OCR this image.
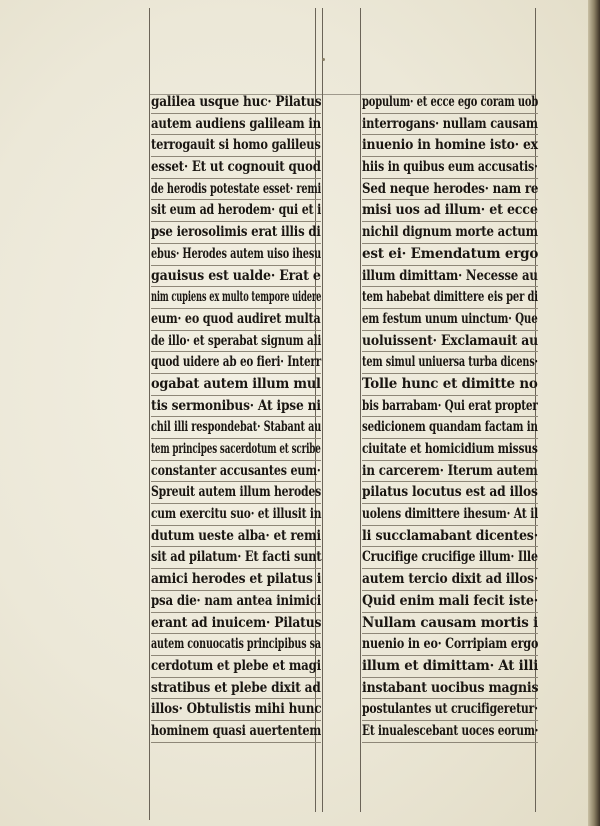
galilea usque huc· Pilatus
autem audiens galileam in
terrogauit si homo galileus
esset· Et ut cognouit quod
de herodis potestate esset· remi
sit eum ad herodem· qui et i
pse ierosolimis erat illis di
ebus· Herodes autem uiso ihesu
gauisus est ualde· Erat e
nim cupiens ex multo tempore uidere
eum· eo quod audiret multa
de illo· et sperabat signum ali
quod uidere ab eo fieri· Interr
ogabat autem illum mul
tis sermonibus· At ipse ni
chil illi respondebat· Stabant au
tem principes sacerdotum et scribe
constanter accusantes eum·
Spreuit autem illum herodes
cum exercitu suo· et illusit in
dutum ueste alba· et remi
sit ad pilatum· Et facti sunt
amici herodes et pilatus i
psa die· nam antea inimici
erant ad inuicem· Pilatus
autem conuocatis principibus sa
cerdotum et plebe et magi
stratibus et plebe dixit ad
illos· Obtulistis mihi hunc
hominem quasi auertentem
populum· et ecce ego coram uob
interrogans· nullam causam
inuenio in homine isto· ex
hiis in quibus eum accusatis·
Sed neque herodes· nam re
misi uos ad illum· et ecce
nichil dignum morte actum
est ei· Emendatum ergo
illum dimittam· Necesse au
tem habebat dimittere eis per di
em festum unum uinctum· Que
uoluissent· Exclamauit au
tem simul uniuersa turba dicens·
Tolle hunc et dimitte no
bis barrabam· Qui erat propter
sedicionem quandam factam in
ciuitate et homicidium missus
in carcerem· Iterum autem
pilatus locutus est ad illos
uolens dimittere ihesum· At il
li succlamabant dicentes·
Crucifige crucifige illum· Ille
autem tercio dixit ad illos·
Quid enim mali fecit iste·
Nullam causam mortis i
nuenio in eo· Corripiam ergo
illum et dimittam· At illi
instabant uocibus magnis
postulantes ut crucifigeretur·
Et inualescebant uoces eorum·
